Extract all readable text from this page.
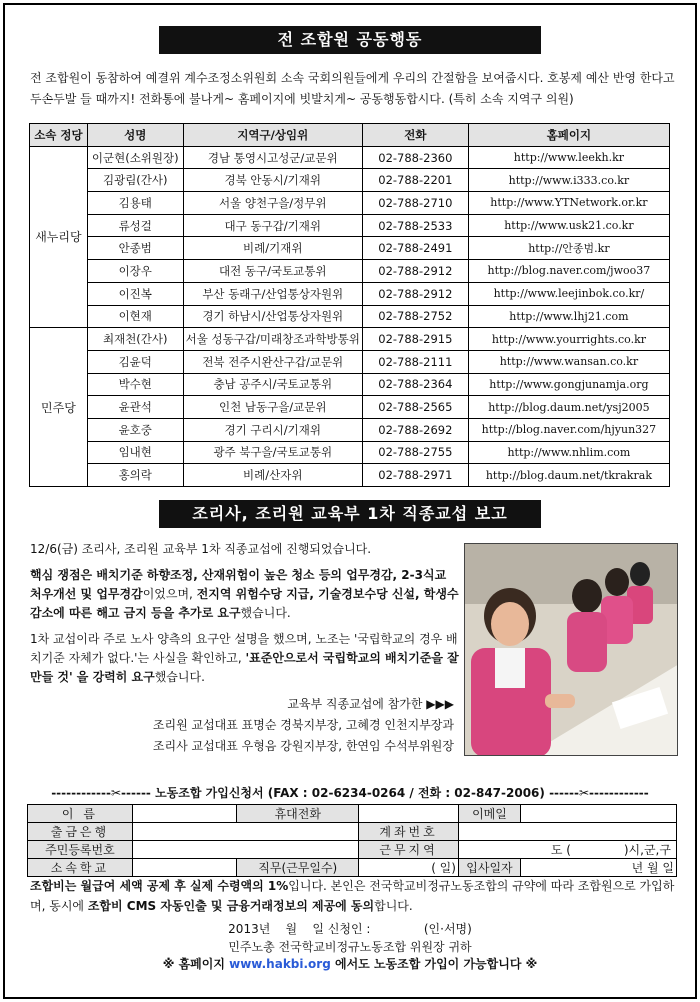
전 조합원 공동행동
전 조합원이 동참하여 예결위 계수조정소위원회 소속 국회의원들에게 우리의 간절함을 보여줍시다. 호봉제 예산 반영 한다고 두손두발 들 때까지! 전화통에 불나게~ 홈페이지에 빗발치게~ 공동행동합시다. (특히 소속 지역구 의원)
소속 정당	성명	지역구/상임위	전화	홈페이지
새누리당	이군현(소위원장)	경남 통영시고성군/교문위	02-788-2360	http://www.leekh.kr
	김광림(간사)	경북 안동시/기재위	02-788-2201	http://www.i333.co.kr
	김용태	서울 양천구을/정무위	02-788-2710	http://www.YTNetwork.or.kr
	류성걸	대구 동구갑/기재위	02-788-2533	http://www.usk21.co.kr
	안종범	비례/기재위	02-788-2491	http://안종범.kr
	이장우	대전 동구/국토교통위	02-788-2912	http://blog.naver.com/jwoo37
	이진복	부산 동래구/산업통상자원위	02-788-2912	http://www.leejinbok.co.kr/
	이현재	경기 하남시/산업통상자원위	02-788-2752	http://www.lhj21.com
민주당	최재천(간사)	서울 성동구갑/미래창조과학방통위	02-788-2915	http://www.yourrights.co.kr
	김윤덕	전북 전주시완산구갑/교문위	02-788-2111	http://www.wansan.co.kr
	박수현	충남 공주시/국토교통위	02-788-2364	http://www.gongjunamja.org
	윤관석	인천 남동구을/교문위	02-788-2565	http://blog.daum.net/ysj2005
	윤호중	경기 구리시/기재위	02-788-2692	http://blog.naver.com/hjyun327
	임내현	광주 북구을/국토교통위	02-788-2755	http://www.nhlim.com
	홍의락	비례/산자위	02-788-2971	http://blog.daum.net/tkrakrak
조리사, 조리원 교육부 1차 직종교섭 보고

12/6(금) 조리사, 조리원 교육부 1차 직종교섭에 진행되었습니다.

핵심 쟁점은 배치기준 하향조정, 산재위험이 높은 청소 등의 업무경감, 2-3식교 처우개선 및 업무경감이었으며, 전지역 위험수당 지급, 기술경보수당 신설, 학생수 감소에 따른 해고 금지 등을 추가로 요구했습니다.

1차 교섭이라 주로 노사 양측의 요구안 설명을 했으며, 노조는 '국립학교의 경우 배치기준 자체가 없다.'는 사실을 확인하고, '표준안으로서 국립학교의 배치기준을 잘 만들 것' 을 강력히 요구했습니다.

교육부 직종교섭에 참가한 ▶▶▶
조리원 교섭대표 표명순 경북지부장, 고혜경 인천지부장과
조리사 교섭대표 우형음 강원지부장, 한연임 수석부위원장
------------✂------ 노동조합 가입신청서 (FAX : 02-6234-0264 / 전화 : 02-847-2006) ------✂------------
이 름		휴대전화		이메일	
출금은행			계좌번호		
주민등록번호			근무지역	도 ( )시,군,구	
소속학교		직무(근무일수)	( 일)	입사일자	년 월 일
조합비는 월급여 세액 공제 후 실제 수령액의 1%입니다. 본인은 전국학교비정규노동조합의 규약에 따라 조합원으로 가입하며, 동시에 조합비 CMS 자동인출 및 금융거래정보의 제공에 동의합니다.
2013년    월    일 신청인 :              (인·서명)
민주노총 전국학교비정규노동조합 위원장 귀하
※ 홈페이지 www.hakbi.org 에서도 노동조합 가입이 가능합니다 ※
